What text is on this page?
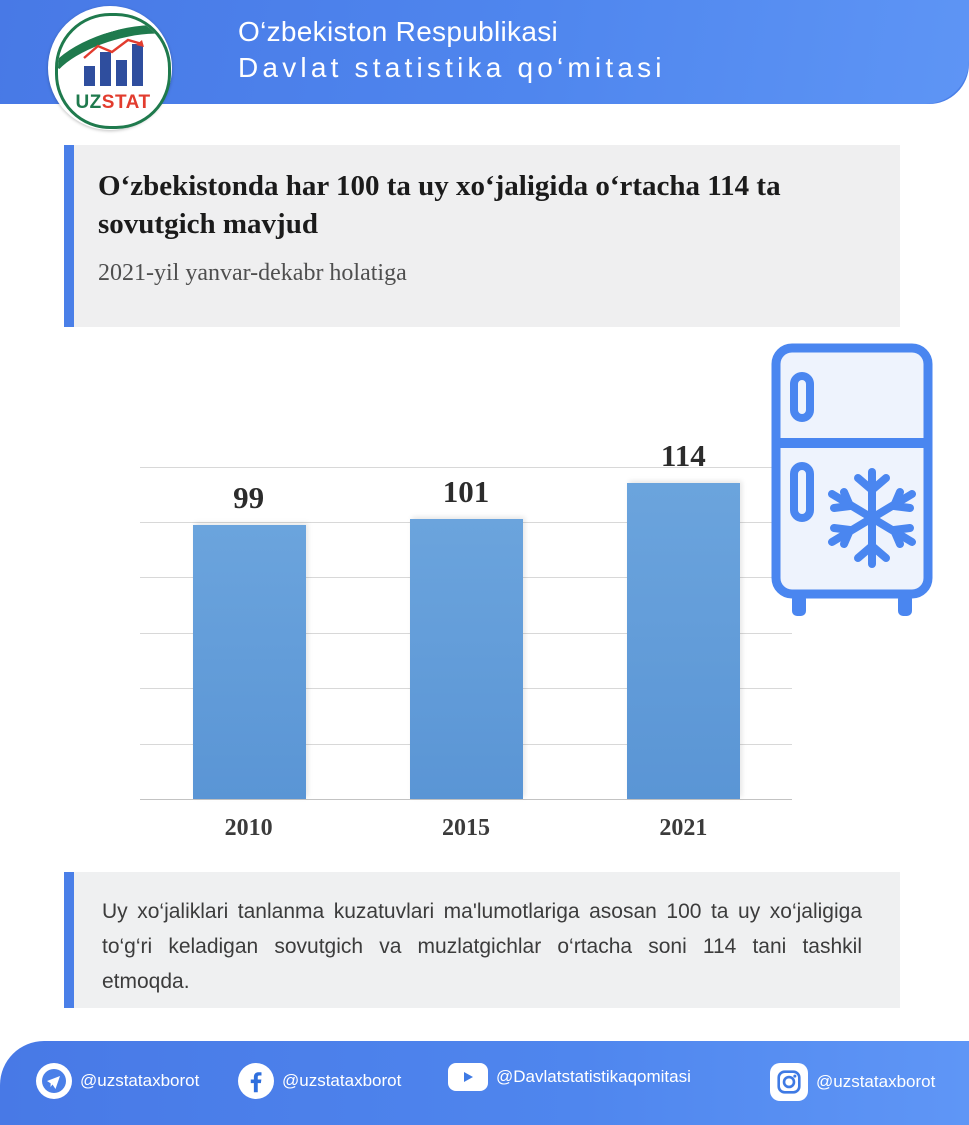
O‘zbekiston Respublikasi
Davlat statistika qo‘mitasi
UZSTAT
O‘zbekistonda har 100 ta uy xo‘jaligida o‘rtacha 114 ta sovutgich mavjud
2021-yil yanvar-dekabr holatiga
99
2010
101
2015
114
2021
Uy xo‘jaliklari tanlanma kuzatuvlari ma'lumotlariga asosan 100 ta uy xo‘jaligiga to‘g‘ri keladigan sovutgich va muzlatgichlar o‘rtacha soni 114 tani tashkil etmoqda.
@uzstataxborot	@uzstataxborot	@Davlatstatistikaqomitasi	@uzstataxborot
